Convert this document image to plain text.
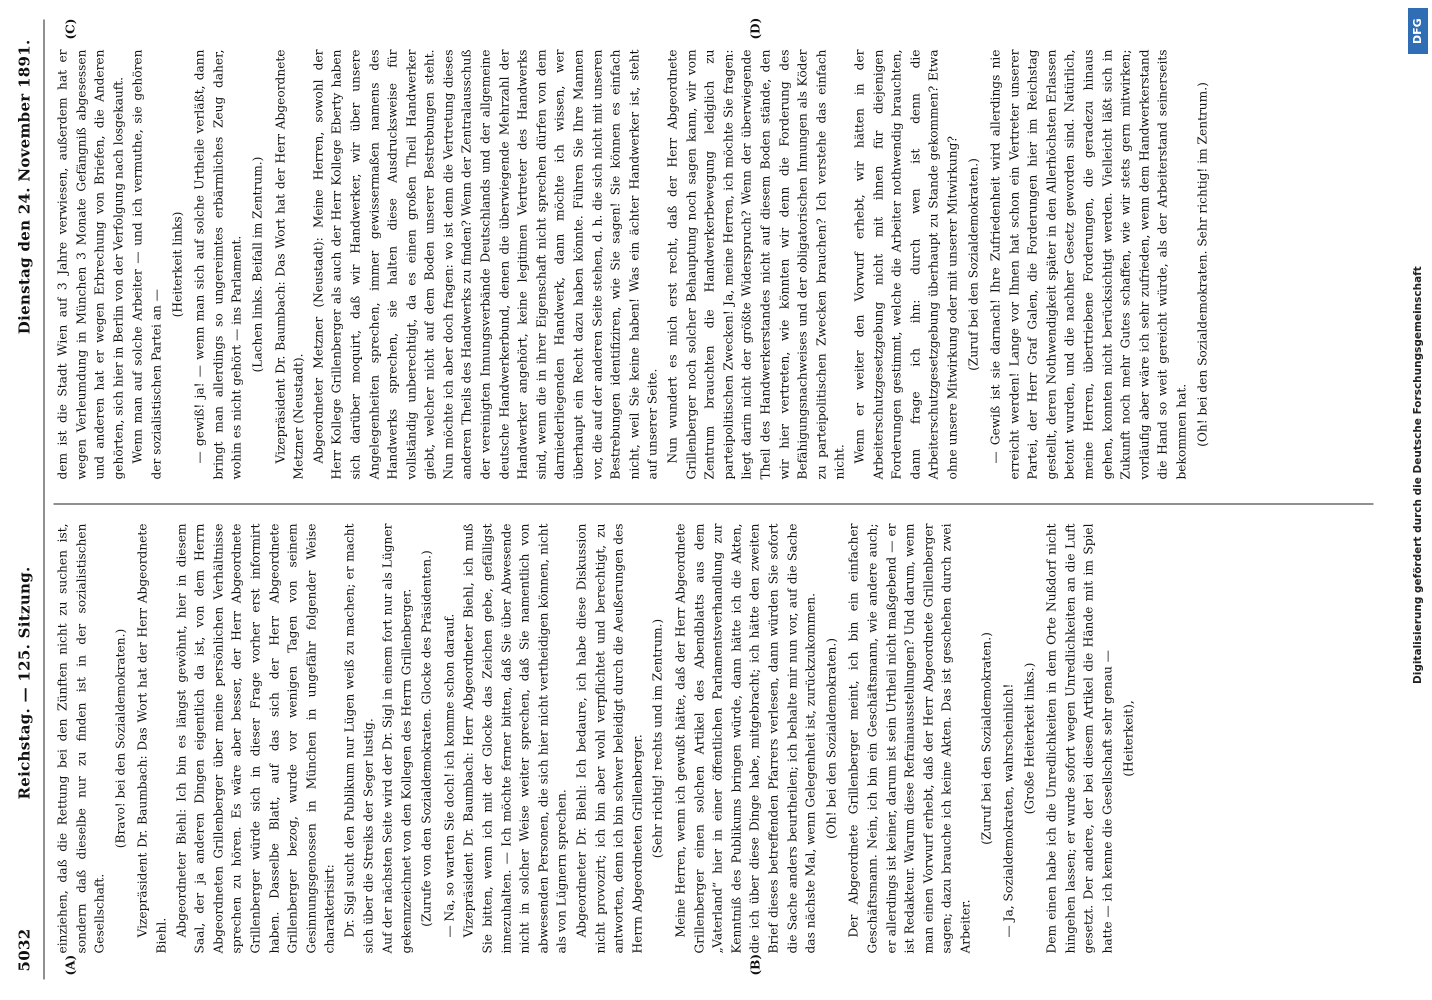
5032
Reichstag. — 125. Sitzung.
Dienstag den 24. November 1891.
(A)	(B)
(C)	(D)

einziehen, daß die Rettung bei den Zünften nicht zu suchen ist, sondern daß dieselbe nur zu finden ist in der sozialistischen Gesellschaft.

(Bravo! bei den Sozialdemokraten.) Vizepräsident Dr. Baumbach: Das Wort hat der Herr Abgeordnete Biehl. Abgeordneter Biehl: Ich bin es längst gewöhnt, hier in diesem Saal, der ja anderen Dingen eigentlich da ist, von dem Herrn Abgeordneten Grillenberger über meine persönlichen Verhältnisse sprechen zu hören. Es wäre aber besser, der Herr Abgeordnete Grillenberger würde sich in dieser Frage vorher erst informirt haben. Dasselbe Blatt, auf das sich der Herr Abgeordnete Grillenberger bezog, wurde vor wenigen Tagen von seinem Gesinnungsgenossen in München in ungefähr folgender Weise charakterisirt: Dr. Sigl sucht den Publikum nur Lügen weiß zu machen; er macht sich über die Streiks der Seger lustig. Auf der nächsten Seite wird der Dr. Sigl in einem fort nur als Lügner gekennzeichnet von den Kollegen des Herrn Grillenberger. (Zurufe von den Sozialdemokraten. Glocke des Präsidenten.) — Na, so warten Sie doch! ich komme schon darauf. Vizepräsident Dr. Baumbach: Herr Abgeordneter Biehl, ich muß Sie bitten, wenn ich mit der Glocke das Zeichen gebe, gefälligst innezuhalten. — Ich möchte ferner bitten, daß Sie über Abwesende nicht in solcher Weise weiter sprechen, daß Sie namentlich von abwesenden Personen, die sich hier nicht vertheidigen können, nicht als von Lügnern sprechen. Abgeordneter Dr. Biehl: Ich bedaure, ich habe diese Diskussion nicht provozirt; ich bin aber wohl verpflichtet und berechtigt, zu antworten, denn ich bin schwer beleidigt durch die Aeußerungen des Herrn Abgeordneten Grillenberger. (Sehr richtig! rechts und im Zentrum.) Meine Herren, wenn ich gewußt hätte, daß der Herr Abgeordnete Grillenberger einen solchen Artikel des Abendblatts aus dem „Vaterland“ hier in einer öffentlichen Parlamentsverhandlung zur Kenntniß des Publikums bringen würde, dann hätte ich die Akten, die ich über diese Dinge habe, mitgebracht; ich hätte den zweiten Brief dieses betreffenden Pfarrers verlesen, dann würden Sie sofort die Sache anders beurtheilen; ich behalte mir nun vor, auf die Sache das nächste Mal, wenn Gelegenheit ist, zurückzukommen. (Oh! bei den Sozialdemokraten.) Der Abgeordnete Grillenberger meint, ich bin ein einfacher Geschäftsmann. Nein, ich bin ein Geschäftsmann, wie andere auch; er allerdings ist keiner, darum ist sein Urtheil nicht maßgebend — er ist Redakteur. Warum diese Refrainausstellungen? Und darum, wenn man einen Vorwurf erhebt, daß der Herr Abgeordnete Grillenberger sagen; dazu brauche ich keine Akten. Das ist geschehen durch zwei Arbeiter.

(Zuruf bei den Sozialdemokraten.) — Ja, Sozialdemokraten, wahrscheinlich! (Große Heiterkeit links.) Dem einen habe ich die Unredlichkeiten in dem Orte Nußdorf nicht hingehen lassen; er wurde sofort wegen Unredlichkeiten an die Luft gesetzt. Der andere, der bei diesem Artikel die Hände mit im Spiel hatte — ich kenne die Gesellschaft sehr genau — (Heiterkeit),

dem ist die Stadt Wien auf 3 Jahre verwiesen, außerdem hat er wegen Verleumdung in München 3 Monate Gefängniß abgesessen und anderen hat er wegen Erbrechung von Briefen, die Anderen gehörten, sich hier in Berlin von der Verfolgung nach losgekauft. Wenn man auf solche Arbeiter — und ich vermuthe, sie gehören der sozialistischen Partei an —

(Heiterkeit links) — gewiß! ja! — wenn man sich auf solche Urtheile verläßt, dann bringt man allerdings so ungereimtes erbärmliches Zeug daher, wohin es nicht gehört — ins Parlament. (Lachen links. Beifall im Zentrum.) Vizepräsident Dr. Baumbach: Das Wort hat der Herr Abgeordnete Metzner (Neustadt). Abgeordneter Metzner (Neustadt): Meine Herren, sowohl der Herr Kollege Grillenberger als auch der Herr Kollege Eberty haben sich darüber moquirt, daß wir Handwerker, wir über unsere Angelegenheiten sprechen, immer gewissermaßen namens des Handwerks sprechen, sie halten diese Ausdrucksweise für vollständig unberechtigt, da es einen großen Theil Handwerker giebt, welcher nicht auf dem Boden unserer Bestrebungen steht. Nun möchte ich aber doch fragen: wo ist denn die Vertretung dieses anderen Theils des Handwerks zu finden? Wenn der Zentralausschuß der vereinigten Innungsverbände Deutschlands und der allgemeine deutsche Handwerkerbund, denen die überwiegende Mehrzahl der Handwerker angehört, keine legitimen Vertreter des Handwerks sind, wenn die in ihrer Eigenschaft nicht sprechen dürfen von dem darniederliegenden Handwerk, dann möchte ich wissen, wer überhaupt ein Recht dazu haben könnte. Führen Sie Ihre Mannen vor, die auf der anderen Seite stehen, d. h. die sich nicht mit unseren Bestrebungen identifiziren, wie Sie sagen! Sie können es einfach nicht, weil Sie keine haben! Was ein ächter Handwerker ist, steht auf unserer Seite. Nun wundert es mich erst recht, daß der Herr Abgeordnete Grillenberger noch solcher Behauptung noch sagen kann, wir vom Zentrum brauchten die Handwerkerbewegung lediglich zu parteipolitischen Zwecken! Ja, meine Herren, ich möchte Sie fragen: liegt darin nicht der größte Widerspruch? Wenn der überwiegende Theil des Handwerkerstandes nicht auf diesem Boden stände, den wir hier vertreten, wie könnten wir denn die Forderung des Befähigungsnachweises und der obligatorischen Innungen als Köder zu parteipolitischen Zwecken brauchen? Ich verstehe das einfach nicht. Wenn er weiter den Vorwurf erhebt, wir hätten in der Arbeiterschutzgesetzgebung nicht mit ihnen für diejenigen Forderungen gestimmt, welche die Arbeiter nothwendig brauchten, dann frage ich ihn: durch wen ist denn die Arbeiterschutzgesetzgebung überhaupt zu Stande gekommen? Etwa ohne unsere Mitwirkung oder mit unserer Mitwirkung? (Zuruf bei den Sozialdemokraten.) — Gewiß ist sie darnach! Ihre Zufriedenheit wird allerdings nie erreicht werden! Lange vor Ihnen hat schon ein Vertreter unserer Partei, der Herr Graf Galen, die Forderungen hier im Reichstag gestellt, deren Nothwendigkeit später in den Allerhöchsten Erlassen betont wurden, und die nachher Gesetz geworden sind. Natürlich, meine Herren, übertriebene Forderungen, die geradezu hinaus gehen, konnten nicht berücksichtigt werden. Vielleicht läßt sich in Zukunft noch mehr Gutes schaffen, wie wir stets gern mitwirken; vorläufig aber wäre ich sehr zufrieden, wenn dem Handwerkerstand die Hand so weit gereicht würde, als der Arbeiterstand seinerseits bekommen hat. (Oh! bei den Sozialdemokraten. Sehr richtig! im Zentrum.)

DFG
Digitalisierung gefördert durch die Deutsche Forschungsgemeinschaft
